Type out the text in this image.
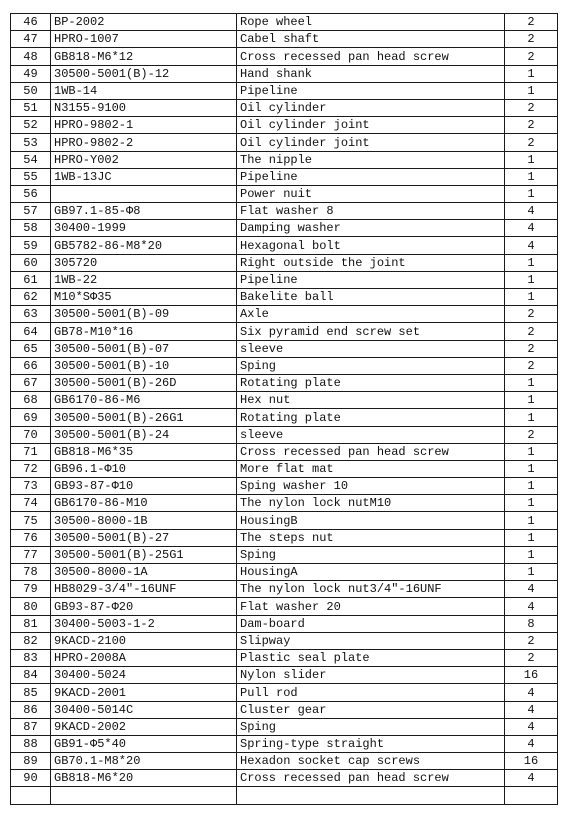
46	BP-2002	Rope wheel	2
47	HPRO-1007	Cabel shaft	2
48	GB818-M6*12	Cross recessed pan head screw	2
49	30500-5001(B)-12	Hand shank	1
50	1WB-14	Pipeline	1
51	N3155-9100	Oil cylinder	2
52	HPRO-9802-1	Oil cylinder joint	2
53	HPRO-9802-2	Oil cylinder joint	2
54	HPRO-Y002	The nipple	1
55	1WB-13JC	Pipeline	1
56		Power nuit	1
57	GB97.1-85-Φ8	Flat washer 8	4
58	30400-1999	Damping washer	4
59	GB5782-86-M8*20	Hexagonal bolt	4
60	305720	Right outside the joint	1
61	1WB-22	Pipeline	1
62	M10*SΦ35	Bakelite ball	1
63	30500-5001(B)-09	Axle	2
64	GB78-M10*16	Six pyramid end screw set	2
65	30500-5001(B)-07	sleeve	2
66	30500-5001(B)-10	Sping	2
67	30500-5001(B)-26D	Rotating plate	1
68	GB6170-86-M6	Hex nut	1
69	30500-5001(B)-26G1	Rotating plate	1
70	30500-5001(B)-24	sleeve	2
71	GB818-M6*35	Cross recessed pan head screw	1
72	GB96.1-Φ10	More flat mat	1
73	GB93-87-Φ10	Sping washer 10	1
74	GB6170-86-M10	The nylon lock nutM10	1
75	30500-8000-1B	HousingB	1
76	30500-5001(B)-27	The steps nut	1
77	30500-5001(B)-25G1	Sping	1
78	30500-8000-1A	HousingA	1
79	HB8029-3/4"-16UNF	The nylon lock nut3/4"-16UNF	4
80	GB93-87-Φ20	Flat washer 20	4
81	30400-5003-1-2	Dam-board	8
82	9KACD-2100	Slipway	2
83	HPRO-2008A	Plastic seal plate	2
84	30400-5024	Nylon slider	16
85	9KACD-2001	Pull rod	4
86	30400-5014C	Cluster gear	4
87	9KACD-2002	Sping	4
88	GB91-Φ5*40	Spring-type straight	4
89	GB70.1-M8*20	Hexadon socket cap screws	16
90	GB818-M6*20	Cross recessed pan head screw	4
